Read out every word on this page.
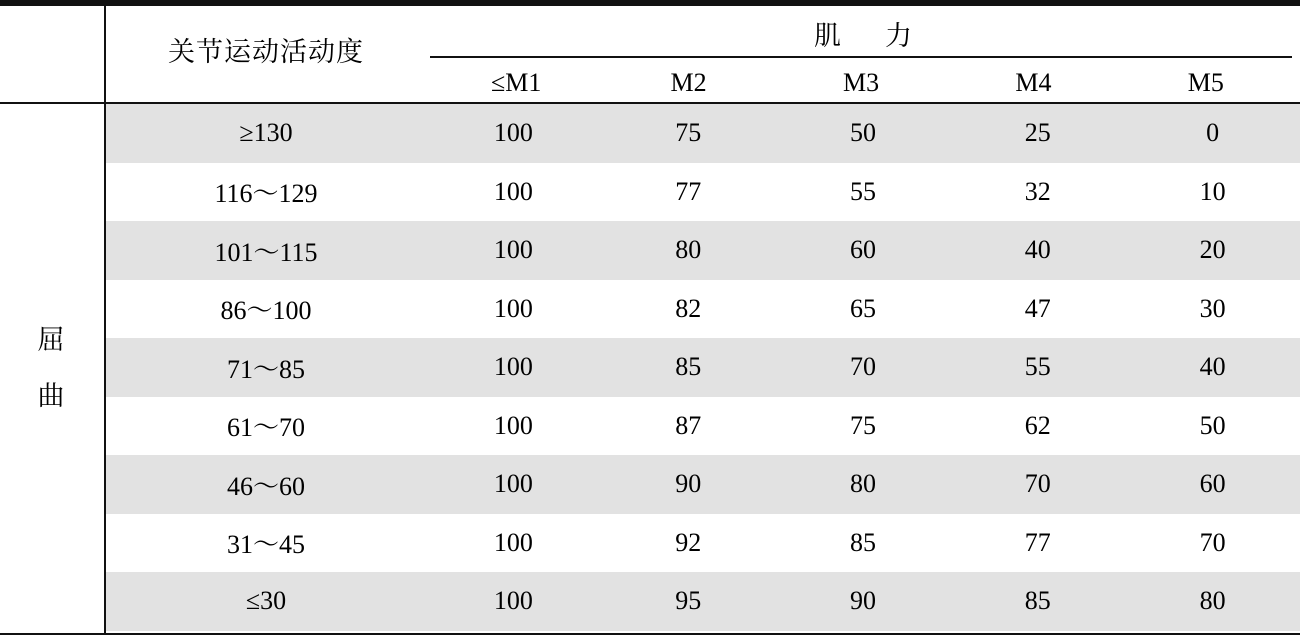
关节运动活动度
肌 力
≤M1	M2	M3	M4	M5
屈
曲
≥130	100	75	50	25	0
116～129	100	77	55	32	10
101～115	100	80	60	40	20
86～100	100	82	65	47	30
71～85	100	85	70	55	40
61～70	100	87	75	62	50
46～60	100	90	80	70	60
31～45	100	92	85	77	70
≤30	100	95	90	85	80
